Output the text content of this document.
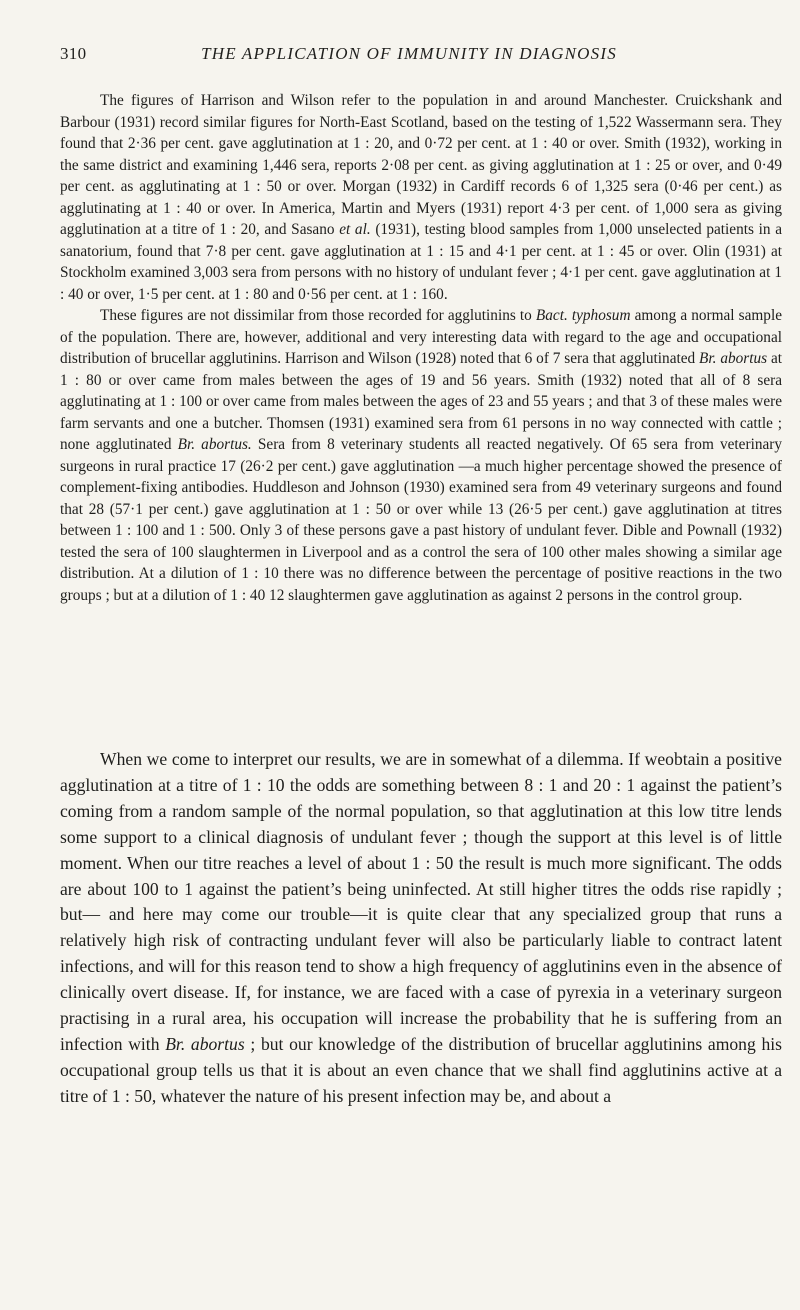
310	THE APPLICATION OF IMMUNITY IN DIAGNOSIS

The figures of Harrison and Wilson refer to the population in and around Manchester. Cruickshank and Barbour (1931) record similar figures for North-East Scotland, based on the testing of 1,522 Wassermann sera. They found that 2·36 per cent. gave agglutination at 1 : 20, and 0·72 per cent. at 1 : 40 or over. Smith (1932), working in the same district and examining 1,446 sera, reports 2·08 per cent. as giving agglutination at 1 : 25 or over, and 0·49 per cent. as agglutinating at 1 : 50 or over. Morgan (1932) in Cardiff records 6 of 1,325 sera (0·46 per cent.) as agglutinating at 1 : 40 or over. In America, Martin and Myers (1931) report 4·3 per cent. of 1,000 sera as giving agglutination at a titre of 1 : 20, and Sasano et al. (1931), testing blood samples from 1,000 unselected patients in a sanatorium, found that 7·8 per cent. gave agglutination at 1 : 15 and 4·1 per cent. at 1 : 45 or over. Olin (1931) at Stockholm examined 3,003 sera from persons with no history of undulant fever ; 4·1 per cent. gave agglutination at 1 : 40 or over, 1·5 per cent. at 1 : 80 and 0·56 per cent. at 1 : 160.

These figures are not dissimilar from those recorded for agglutinins to Bact. typhosum among a normal sample of the population. There are, however, additional and very interesting data with regard to the age and occupational distribution of brucellar agglutinins. Harrison and Wilson (1928) noted that 6 of 7 sera that agglutinated Br. abortus at 1 : 80 or over came from males between the ages of 19 and 56 years. Smith (1932) noted that all of 8 sera agglutinating at 1 : 100 or over came from males between the ages of 23 and 55 years ; and that 3 of these males were farm servants and one a butcher. Thomsen (1931) examined sera from 61 persons in no way connected with cattle ; none agglutinated Br. abortus. Sera from 8 veterinary students all reacted negatively. Of 65 sera from veterinary surgeons in rural practice 17 (26·2 per cent.) gave agglutination —a much higher percentage showed the presence of complement-fixing antibodies. Huddleson and Johnson (1930) examined sera from 49 veterinary surgeons and found that 28 (57·1 per cent.) gave agglutination at 1 : 50 or over while 13 (26·5 per cent.) gave agglutination at titres between 1 : 100 and 1 : 500. Only 3 of these persons gave a past history of undulant fever. Dible and Pownall (1932) tested the sera of 100 slaughtermen in Liverpool and as a control the sera of 100 other males showing a similar age distribution. At a dilution of 1 : 10 there was no difference between the percentage of positive reactions in the two groups ; but at a dilution of 1 : 40 12 slaughtermen gave agglutination as against 2 persons in the control group.

When we come to interpret our results, we are in somewhat of a dilemma. If weobtain a positive agglutination at a titre of 1 : 10 the odds are something between 8 : 1 and 20 : 1 against the patient’s coming from a random sample of the normal population, so that agglutination at this low titre lends some support to a clinical diagnosis of undulant fever ; though the support at this level is of little moment. When our titre reaches a level of about 1 : 50 the result is much more significant. The odds are about 100 to 1 against the patient’s being uninfected. At still higher titres the odds rise rapidly ; but— and here may come our trouble—it is quite clear that any specialized group that runs a relatively high risk of contracting undulant fever will also be particularly liable to contract latent infections, and will for this reason tend to show a high frequency of agglutinins even in the absence of clinically overt disease. If, for instance, we are faced with a case of pyrexia in a veterinary surgeon practising in a rural area, his occupation will increase the probability that he is suffering from an infection with Br. abortus ; but our knowledge of the distribution of brucellar agglutinins among his occupational group tells us that it is about an even chance that we shall find agglutinins active at a titre of 1 : 50, whatever the nature of his present infection may be, and about a
